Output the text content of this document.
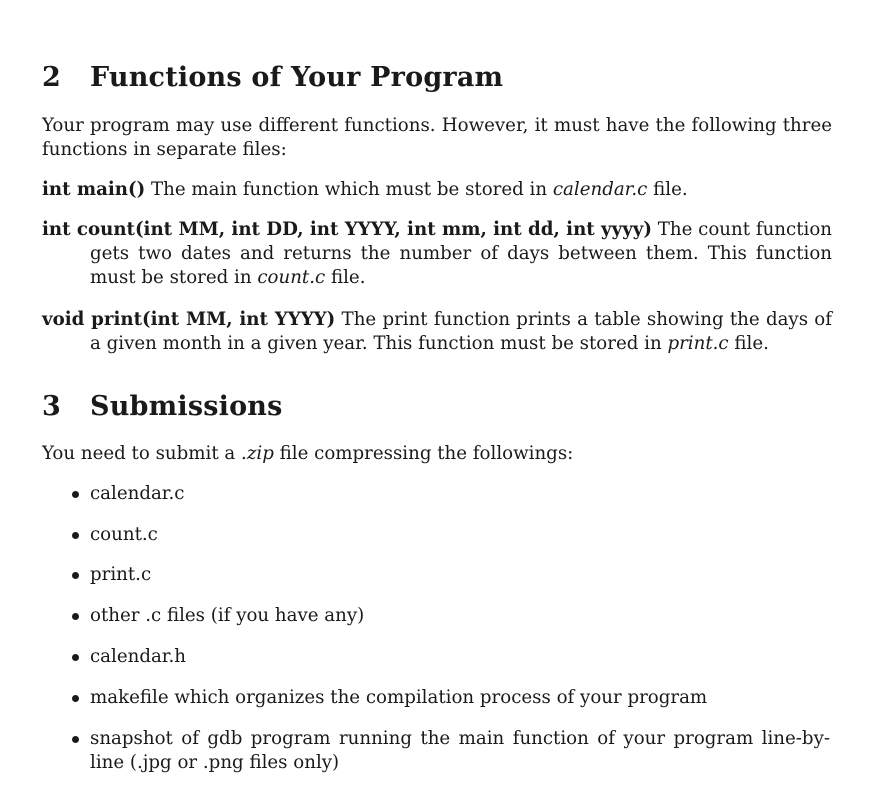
2 Functions of Your Program

Your program may use different functions. However, it must have the following three functions in separate files:

int main() The main function which must be stored in calendar.c file.

int count(int MM, int DD, int YYYY, int mm, int dd, int yyyy) The count function gets two dates and returns the number of days between them. This function must be stored in count.c file.

void print(int MM, int YYYY) The print function prints a table showing the days of a given month in a given year. This function must be stored in print.c file.

3 Submissions

You need to submit a .zip file compressing the followings:

calendar.c
count.c
print.c
other .c files (if you have any)
calendar.h
makefile which organizes the compilation process of your program
snapshot of gdb program running the main function of your program line-by-line (.jpg or .png files only)
